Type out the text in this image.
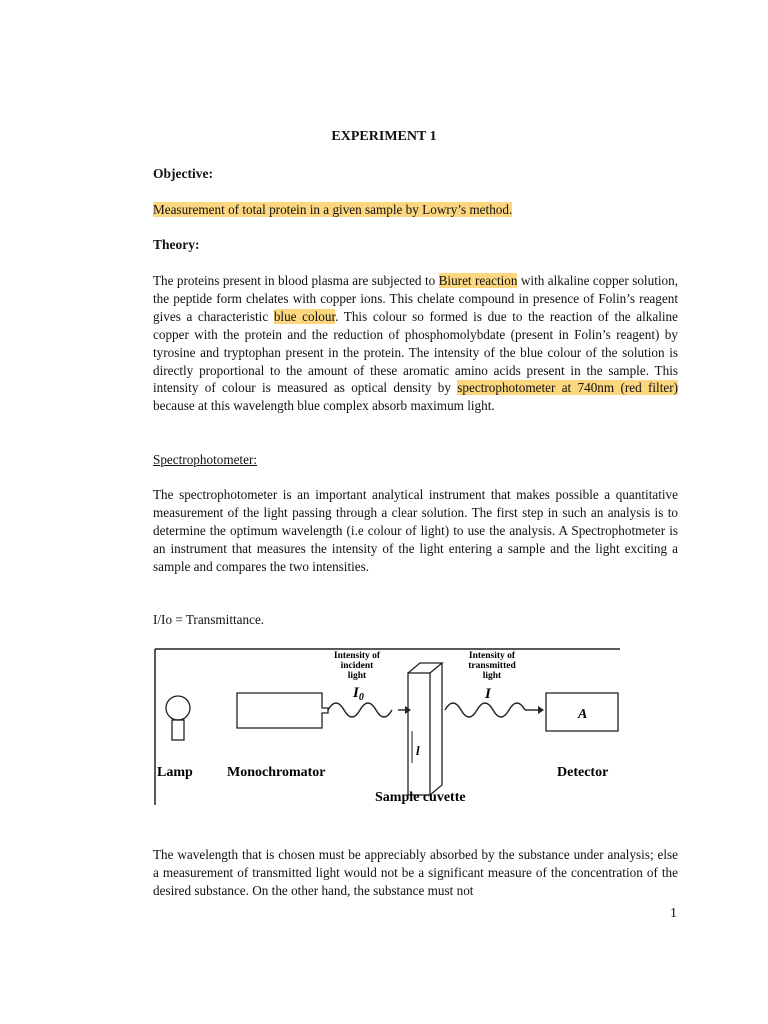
EXPERIMENT 1
Objective:
Measurement of total protein in a given sample by Lowry’s method.
Theory:
The proteins present in blood plasma are subjected to Biuret reaction with alkaline copper solution, the peptide form chelates with copper ions. This chelate compound in presence of Folin’s reagent gives a characteristic blue colour. This colour so formed is due to the reaction of the alkaline copper with the protein and the reduction of phosphomolybdate (present in Folin’s reagent) by tyrosine and tryptophan present in the protein. The intensity of the blue colour of the solution is directly proportional to the amount of these aromatic amino acids present in the sample. This intensity of colour is measured as optical density by spectrophotometer at 740nm (red filter) because at this wavelength blue complex absorb maximum light.
Spectrophotometer:
The spectrophotometer is an important analytical instrument that makes possible a quantitative measurement of the light passing through a clear solution. The first step in such an analysis is to determine the optimum wavelength (i.e colour of light) to use the analysis. A Spectrophotmeter is an instrument that measures the intensity of the light entering a sample and the light exciting a sample and compares the two intensities.
I/Io = Transmittance.
Lamp Monochromator
Intensity of
incident
light
$I_0$
l
Sample cuvette
Intensity of
transmitted
light
I
A
Detector
The wavelength that is chosen must be appreciably absorbed by the substance under analysis; else a measurement of transmitted light would not be a significant measure of the concentration of the desired substance. On the other hand, the substance must not
1
